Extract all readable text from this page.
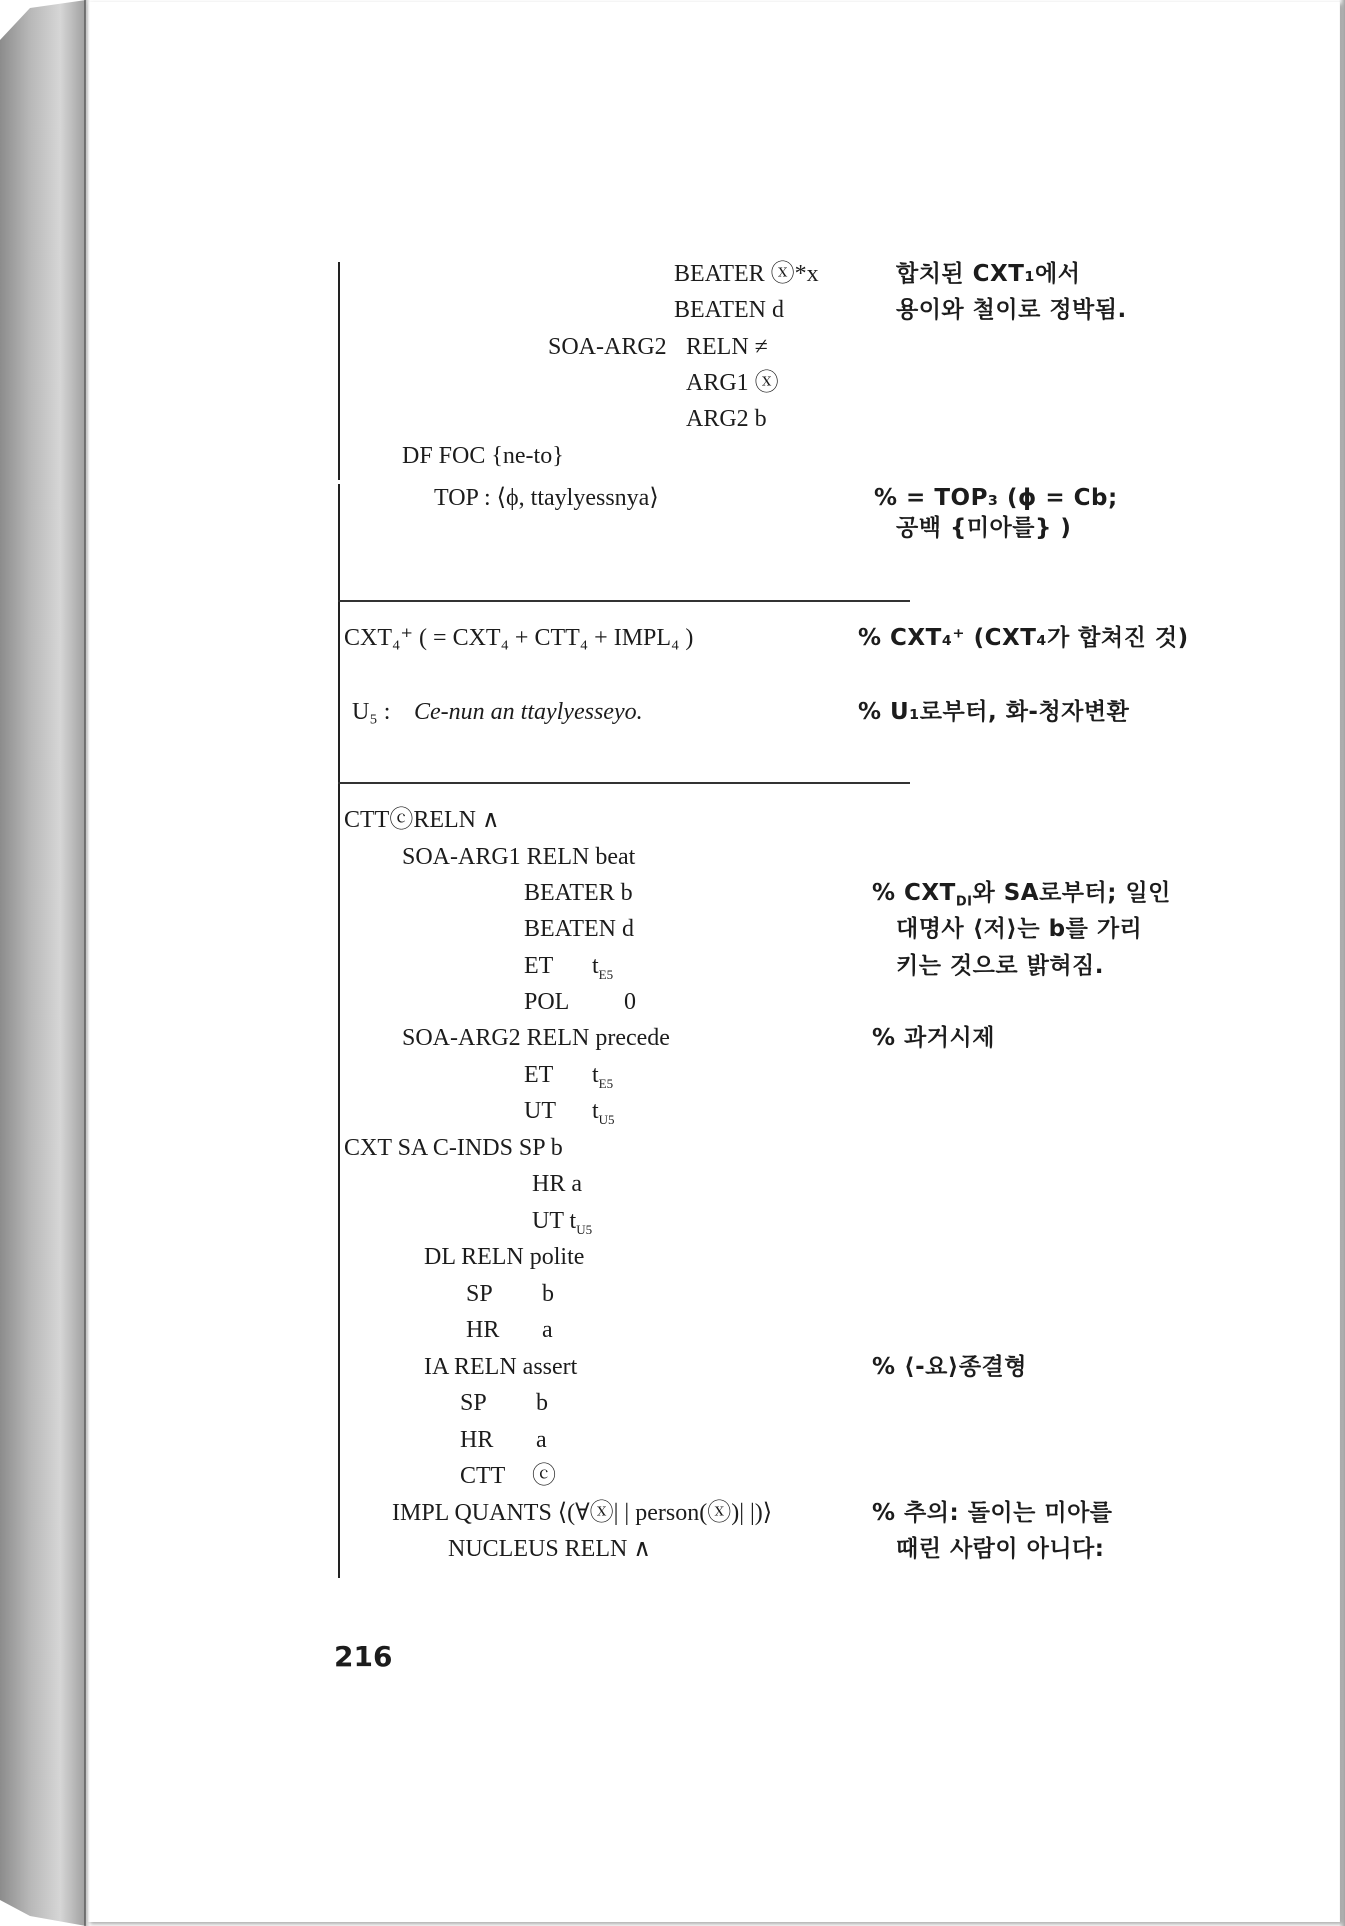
BEATER ⓧ*x
BEATEN d
SOA-ARG2 RELN ≠
ARG1 ⓧ
ARG2 b
DF FOC {ne-to}
TOP : ⟨ϕ, ttaylyessnya⟩
합치된 CXT₁에서
용이와 철이로 정박됨.
% = TOP₃ (ϕ = Cb;
공백 {미아를} )
CXT₄⁺ ( = CXT₄ + CTT₄ + IMPL₄ )	% CXT₄⁺ (CXT₄가 합쳐진 것)
U₅ : Ce-nun an ttaylyesseyo.	% U₁로부터, 화-청자변환
CTTⓒRELN ∧
SOA-ARG1 RELN beat
BEATER b
BEATEN d
ET $t_{E5}$
POL 0
SOA-ARG2 RELN precede
ET $t_{E5}$
UT $t_{U5}$
CXT SA C-INDS SP b
HR a
UT $t_{U5}$
DL RELN polite
SP b
HR a
IA RELN assert
SP b
HR a
CTT ⓒ
IMPL QUANTS ⟨(∀ⓧ| | person(ⓧ)| |)⟩
NUCLEUS RELN ∧
% $CXT_{DI}$와 SA로부터; 일인
대명사 ⟨저⟩는 b를 가리
키는 것으로 밝혀짐.
% 과거시제
% ⟨-요⟩종결형
% 추의: 돌이는 미아를
때린 사람이 아니다:
216
